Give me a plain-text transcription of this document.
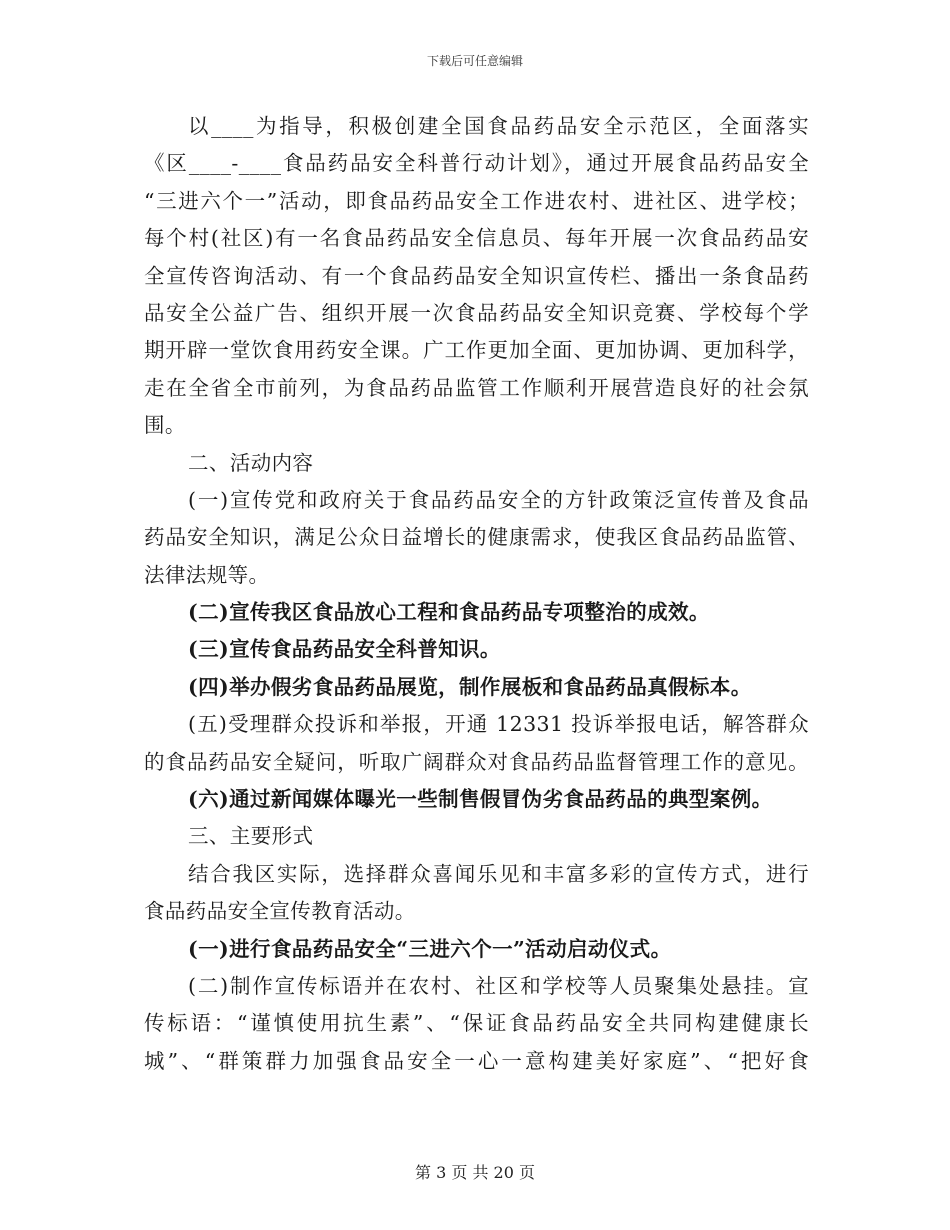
下载后可任意编辑
以____为指导，积极创建全国食品药品安全示范区，全面落实
《区____-____食品药品安全科普行动计划》，通过开展食品药品安全
“三进六个一”活动，即食品药品安全工作进农村、进社区、进学校；
每个村(社区)有一名食品药品安全信息员、每年开展一次食品药品安
全宣传咨询活动、有一个食品药品安全知识宣传栏、播出一条食品药
品安全公益广告、组织开展一次食品药品安全知识竞赛、学校每个学
期开辟一堂饮食用药安全课。广工作更加全面、更加协调、更加科学，
走在全省全市前列，为食品药品监管工作顺利开展营造良好的社会氛
围。
二、活动内容
(一)宣传党和政府关于食品药品安全的方针政策泛宣传普及食品
药品安全知识，满足公众日益增长的健康需求，使我区食品药品监管、
法律法规等。
(二)宣传我区食品放心工程和食品药品专项整治的成效。
(三)宣传食品药品安全科普知识。
(四)举办假劣食品药品展览，制作展板和食品药品真假标本。
(五)受理群众投诉和举报，开通 12331 投诉举报电话，解答群众
的食品药品安全疑问，听取广阔群众对食品药品监督管理工作的意见。
(六)通过新闻媒体曝光一些制售假冒伪劣食品药品的典型案例。
三、主要形式
结合我区实际，选择群众喜闻乐见和丰富多彩的宣传方式，进行
食品药品安全宣传教育活动。
(一)进行食品药品安全“三进六个一”活动启动仪式。
(二)制作宣传标语并在农村、社区和学校等人员聚集处悬挂。宣
传标语：“谨慎使用抗生素”、“保证食品药品安全共同构建健康长
城”、“群策群力加强食品安全一心一意构建美好家庭”、“把好食
第 3 页 共 20 页
